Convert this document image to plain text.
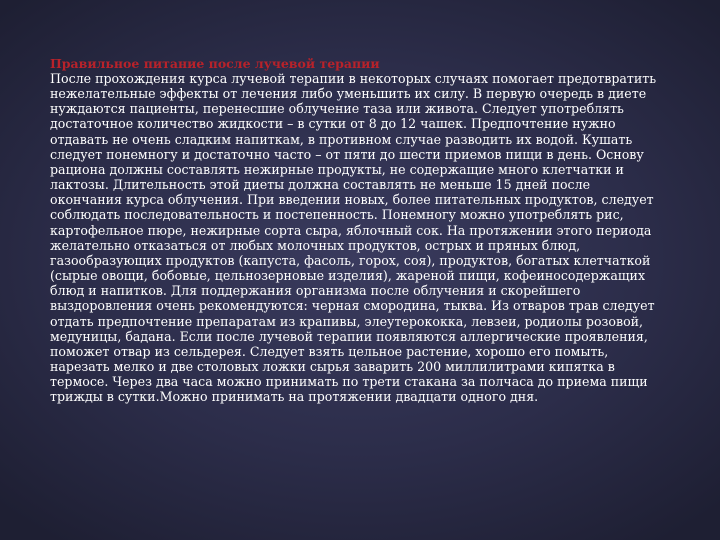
Правильное питание после лучевой терапии

После прохождения курса лучевой терапии в некоторых случаях помогает предотвратить нежелательные эффекты от лечения либо уменьшить их силу. В первую очередь в диете нуждаются пациенты, перенесшие облучение таза или живота. Следует употреблять достаточное количество жидкости – в сутки от 8 до 12 чашек. Предпочтение нужно отдавать не очень сладким напиткам, в противном случае разводить их водой. Кушать следует понемногу и достаточно часто – от пяти до шести приемов пищи в день. Основу рациона должны составлять нежирные продукты, не содержащие много клетчатки и лактозы. Длительность этой диеты должна составлять не меньше 15 дней после окончания курса облучения. При введении новых, более питательных продуктов, следует соблюдать последовательность и постепенность. Понемногу можно употреблять рис, картофельное пюре, нежирные сорта сыра, яблочный сок. На протяжении этого периода желательно отказаться от любых молочных продуктов, острых и пряных блюд, газообразующих продуктов (капуста, фасоль, горох, соя), продуктов, богатых клетчаткой (сырые овощи, бобовые, цельнозерновые изделия), жареной пищи, кофеиносодержащих блюд и напитков. Для поддержания организма после облучения и скорейшего выздоровления очень рекомендуются: черная смородина, тыква. Из отваров трав следует отдать предпочтение препаратам из крапивы, элеутерококка, левзеи, родиолы розовой, медуницы, бадана. Если после лучевой терапии появляются аллергические проявления, поможет отвар из сельдерея. Следует взять цельное растение, хорошо его помыть, нарезать мелко и две столовых ложки сырья заварить 200 миллилитрами кипятка в термосе. Через два часа можно принимать по трети стакана за полчаса до приема пищи трижды в сутки.Можно принимать на протяжении двадцати одного дня.
